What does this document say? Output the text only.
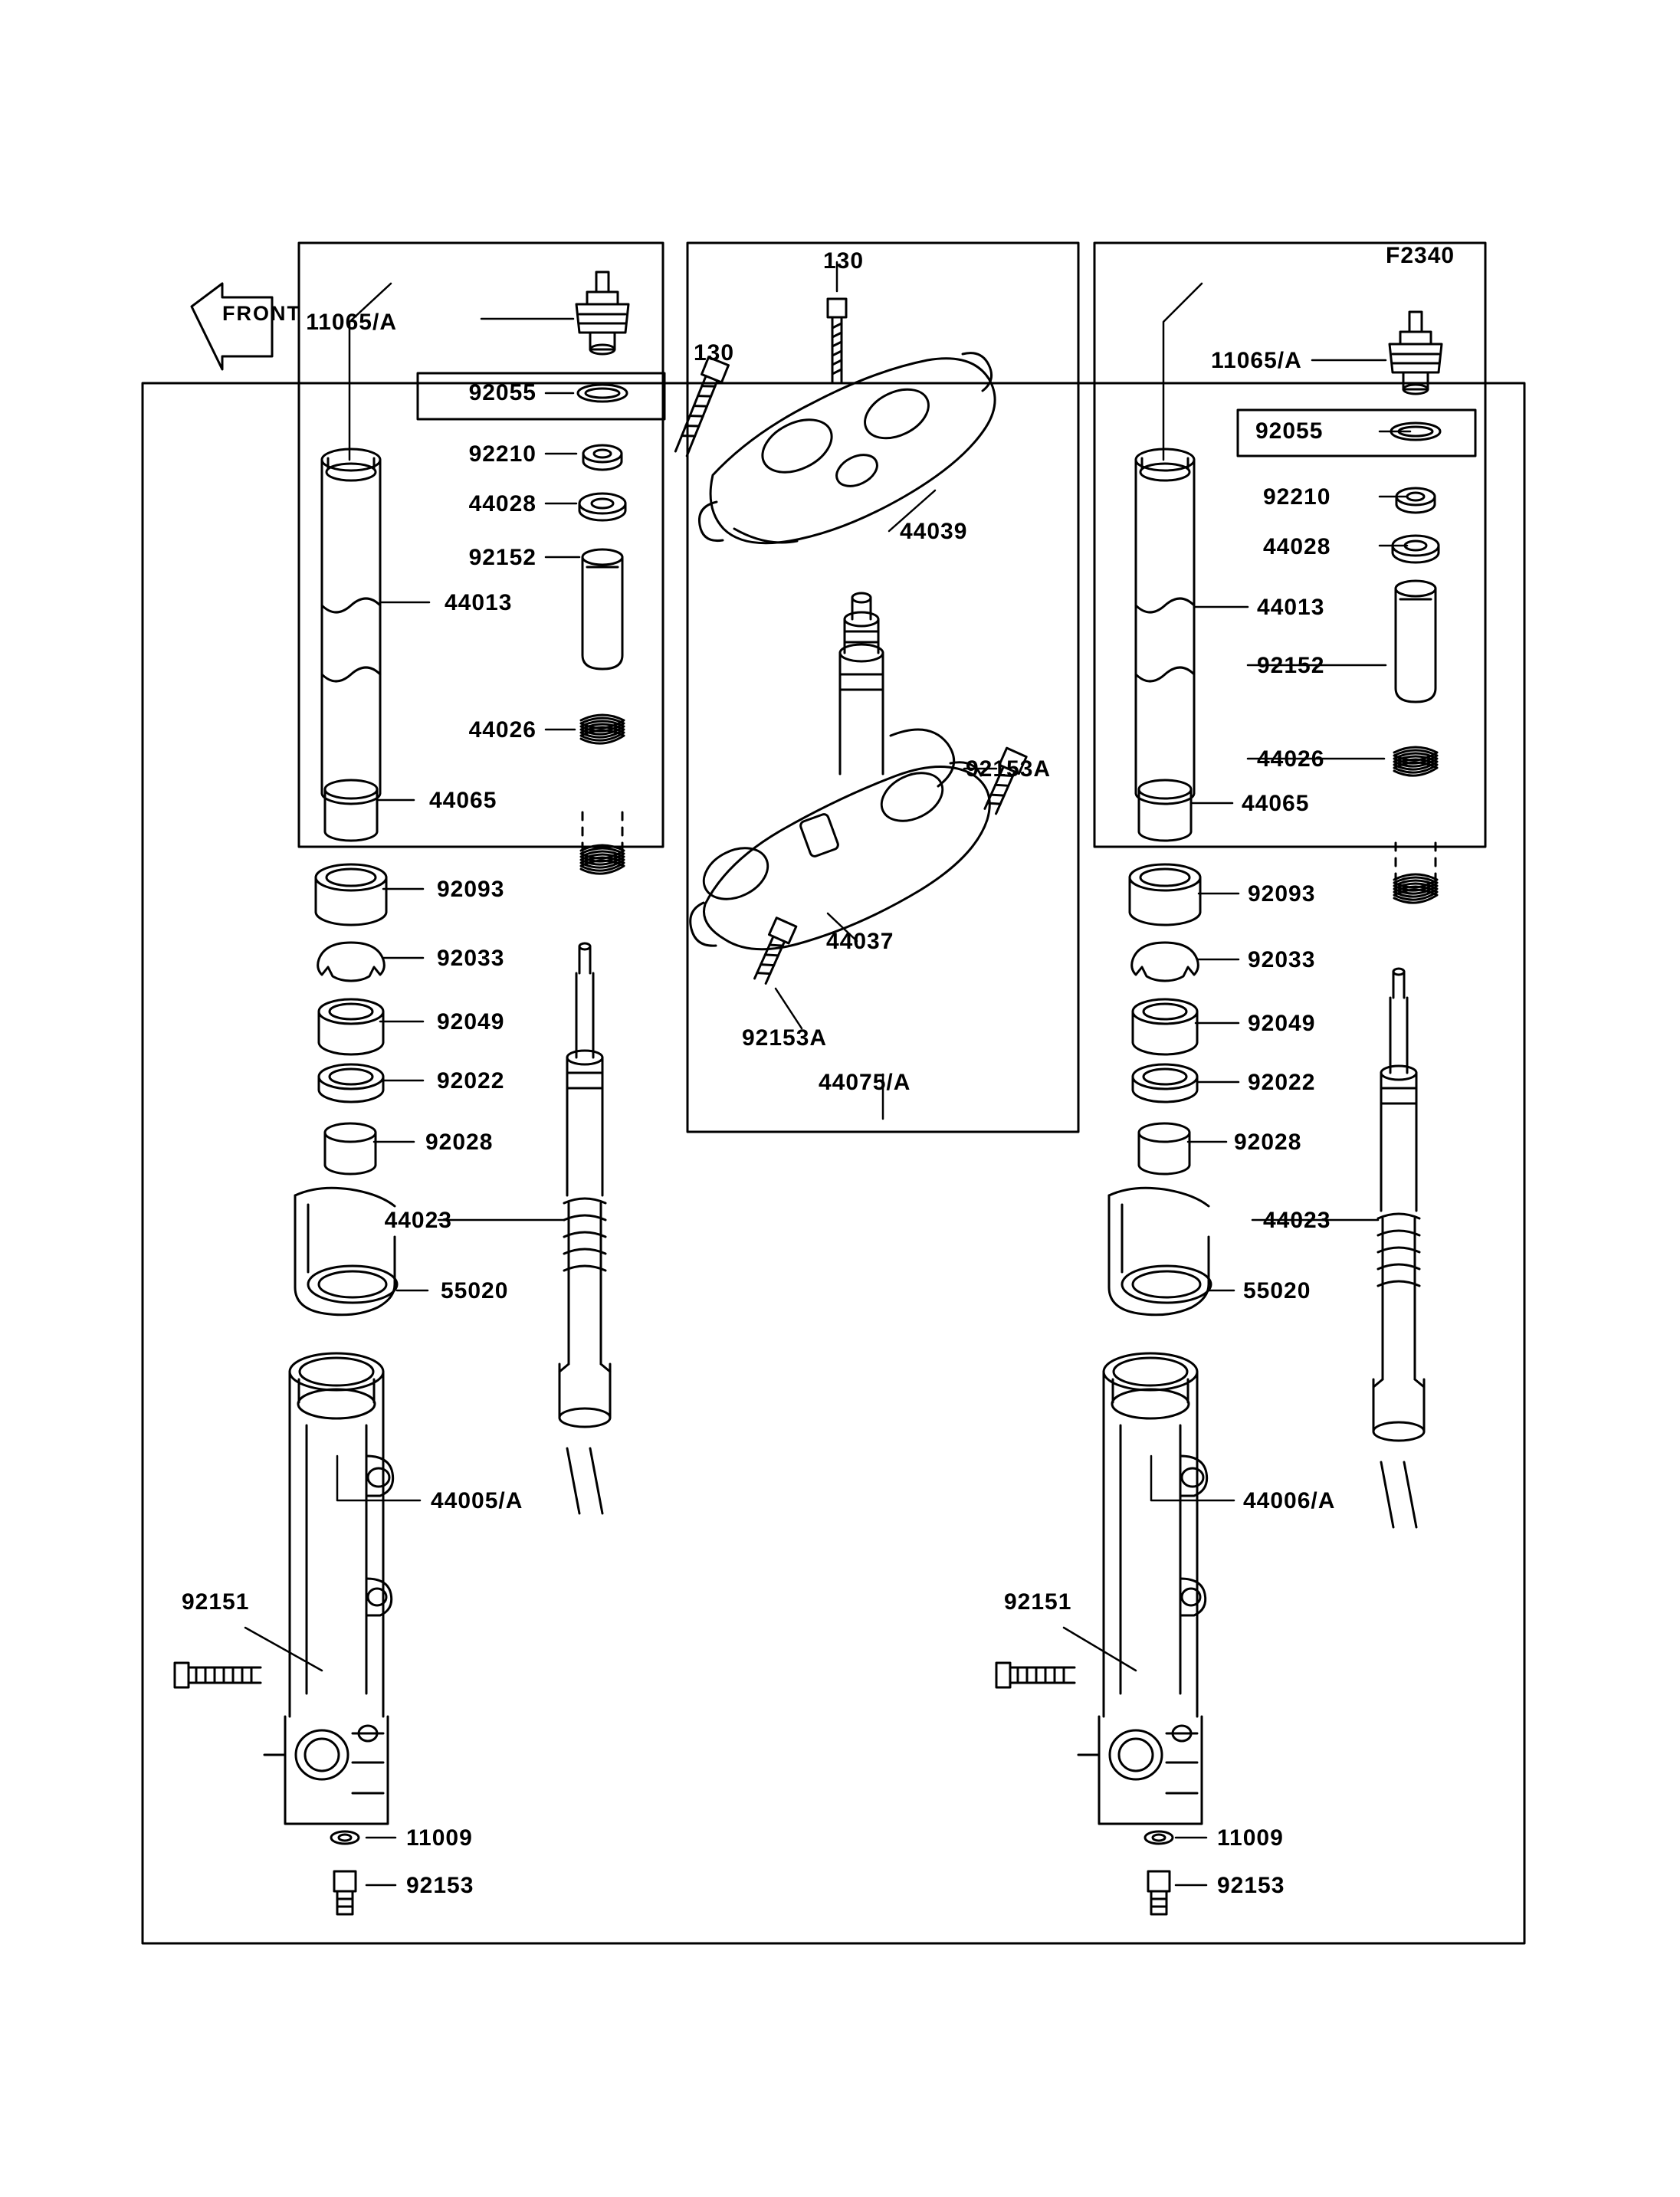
F2340
FRONT 11065/A
92055
92210
44028
92152
44013
44026
44065
92093
92033
92049
92022
92028
44023
55020
44005/A
92151
11009
92153
130
130
44039
92153A
44037
92153A
44075/A
11065/A
92055
92210
44028
44013
92152
44026
44065
92093
92033
92049
92022
92028
44023
55020
44006/A
92151
11009
92153
